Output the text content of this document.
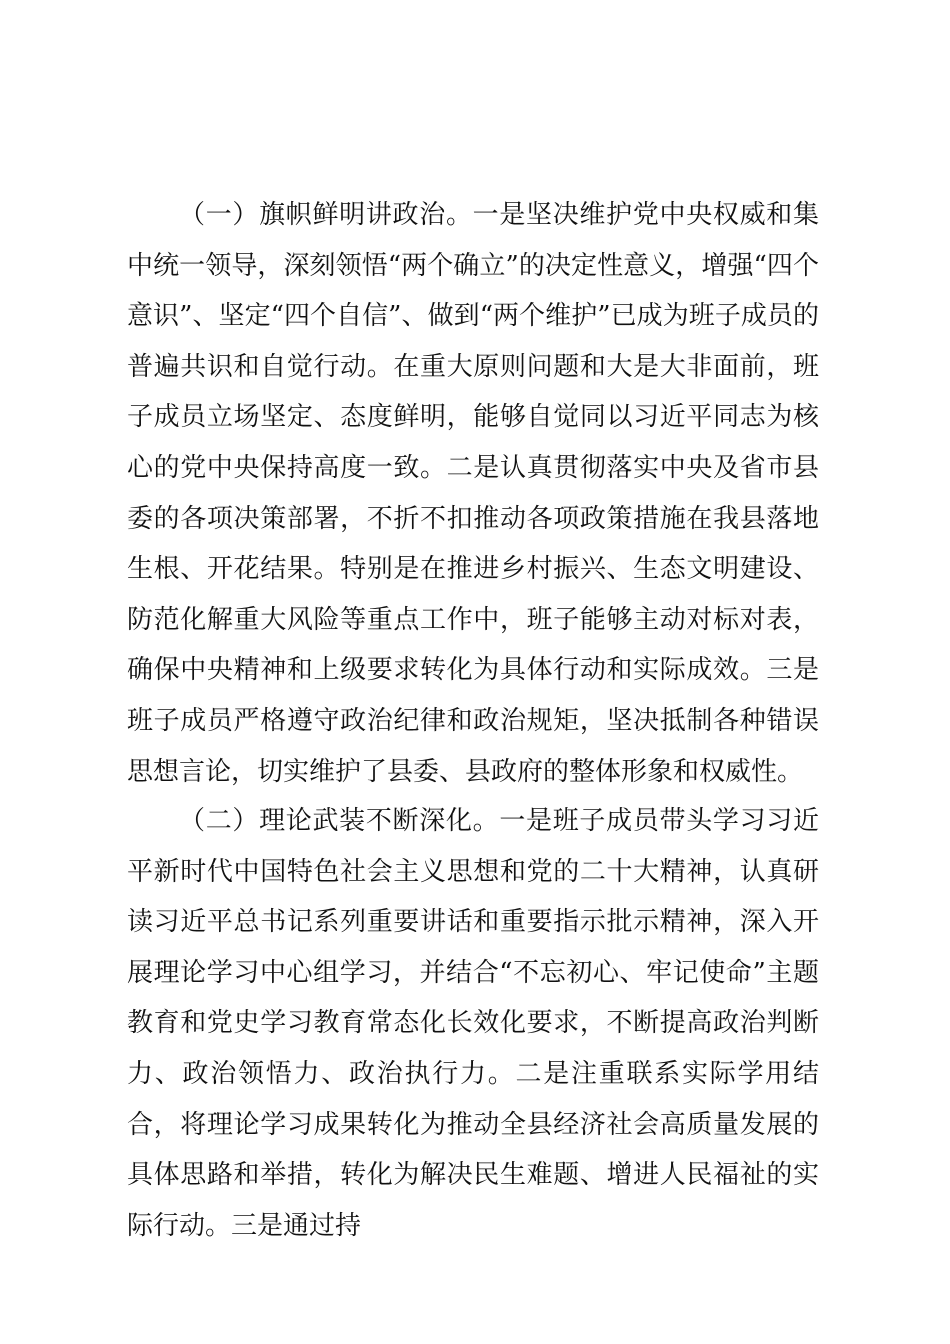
（一）旗帜鲜明讲政治。一是坚决维护党中央权威和集中统一领导，深刻领悟“两个确立”的决定性意义，增强“四个意识”、坚定“四个自信”、做到“两个维护”已成为班子成员的普遍共识和自觉行动。在重大原则问题和大是大非面前，班子成员立场坚定、态度鲜明，能够自觉同以习近平同志为核心的党中央保持高度一致。二是认真贯彻落实中央及省市县委的各项决策部署，不折不扣推动各项政策措施在我县落地生根、开花结果。特别是在推进乡村振兴、生态文明建设、防范化解重大风险等重点工作中，班子能够主动对标对表，确保中央精神和上级要求转化为具体行动和实际成效。三是班子成员严格遵守政治纪律和政治规矩，坚决抵制各种错误思想言论，切实维护了县委、县政府的整体形象和权威性。

（二）理论武装不断深化。一是班子成员带头学习习近平新时代中国特色社会主义思想和党的二十大精神，认真研读习近平总书记系列重要讲话和重要指示批示精神，深入开展理论学习中心组学习，并结合“不忘初心、牢记使命”主题教育和党史学习教育常态化长效化要求，不断提高政治判断力、政治领悟力、政治执行力。二是注重联系实际学用结合，将理论学习成果转化为推动全县经济社会高质量发展的具体思路和举措，转化为解决民生难题、增进人民福祉的实际行动。三是通过持
